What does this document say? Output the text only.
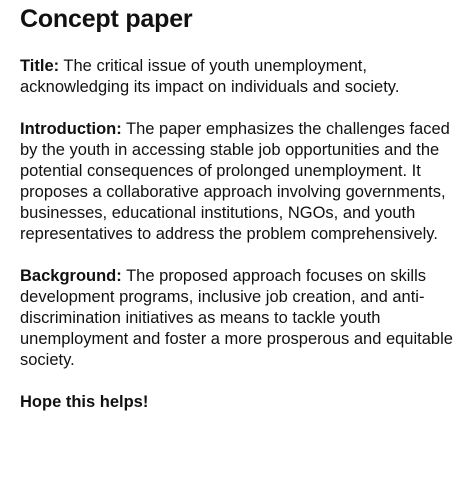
Concept paper

Title: The critical issue of youth unemployment, acknowledging its impact on individuals and society.

Introduction: The paper emphasizes the challenges faced by the youth in accessing stable job opportunities and the potential consequences of prolonged unemployment. It proposes a collaborative approach involving governments, businesses, educational institutions, NGOs, and youth representatives to address the problem comprehensively.

Background: The proposed approach focuses on skills development programs, inclusive job creation, and anti-discrimination initiatives as means to tackle youth unemployment and foster a more prosperous and equitable society.

Hope this helps!
